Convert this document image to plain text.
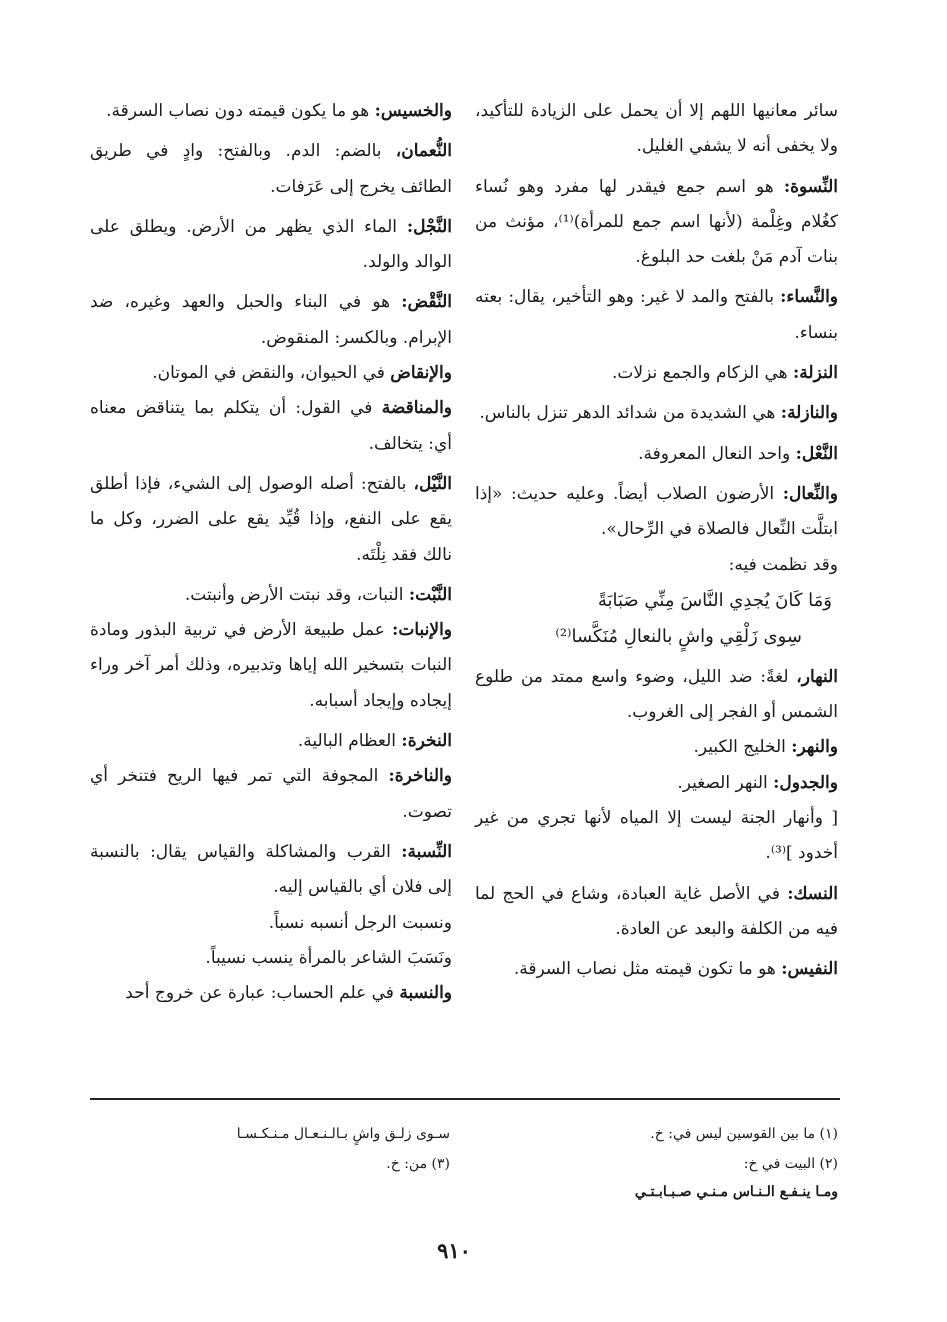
سائر معانيها اللهم إلا أن يحمل على الزيادة للتأكيد، ولا يخفى أنه لا يشفي الغليل.

النِّسوة: هو اسم جمع فيقدر لها مفرد وهو نُساء كغُلام وغِلْمة (لأنها اسم جمع للمرأة)⁽¹⁾، مؤنث من بنات آدم مَنْ بلغت حد البلوغ.

والنَّساء: بالفتح والمد لا غير: وهو التأخير، يقال: بعته بنساء.

النزلة: هي الزكام والجمع نزلات.

والنازلة: هي الشديدة من شدائد الدهر تنزل بالناس.

النَّعْل: واحد النعال المعروفة.

والنِّعال: الأرضون الصلاب أيضاً. وعليه حديث: «إذا ابتلَّت النِّعال فالصلاة في الرِّحال».
وقد نظمت فيه:
وَمَا كَانَ يُجدِي النَّاسَ مِنِّي صَبَابَةً
سِوى زَلْقِي واشٍ بالنعالِ مُنَكَّسا⁽²⁾

النهار، لغةً: ضد الليل، وضوء واسع ممتد من طلوع الشمس أو الفجر إلى الغروب.
والنهر: الخليج الكبير.
والجدول: النهر الصغير.
[ وأنهار الجنة ليست إلا المياه لأنها تجري من غير أخدود ]⁽³⁾.

النسك: في الأصل غاية العبادة، وشاع في الحج لما فيه من الكلفة والبعد عن العادة.

النفيس: هو ما تكون قيمته مثل نصاب السرقة.

والخسيس: هو ما يكون قيمته دون نصاب السرقة.

النُّعمان، بالضم: الدم. وبالفتح: وادٍ في طريق الطائف يخرج إلى عَرَفات.

النَّجْل: الماء الذي يظهر من الأرض. ويطلق على الوالد والولد.

النَّقْض: هو في البناء والحبل والعهد وغيره، ضد الإبرام. وبالكسر: المنقوض.
والإنقاض في الحيوان، والنقض في الموتان.
والمناقضة في القول: أن يتكلم بما يتناقض معناه أي: يتخالف.

النَّيْل، بالفتح: أصله الوصول إلى الشيء، فإذا أطلق يقع على النفع، وإذا قُيِّد يقع على الضرر، وكل ما نالك فقد نِلْتَه.

النَّبْت: النبات، وقد نبتت الأرض وأنبتت.
والإنبات: عمل طبيعة الأرض في تربية البذور ومادة النبات بتسخير الله إياها وتدبيره، وذلك أمر آخر وراء إيجاده وإيجاد أسبابه.

النخرة: العظام البالية.
والناخرة: المجوفة التي تمر فيها الريح فتنخر أي تصوت.

النِّسبة: القرب والمشاكلة والقياس يقال: بالنسبة إلى فلان أي بالقياس إليه.
ونسبت الرجل أنسبه نسباً.
ونَسَبَ الشاعر بالمرأة ينسب نسيباً.
والنسبة في علم الحساب: عبارة عن خروج أحد

(١) ما بين القوسين ليس في: خ.
(٢) البيت في خ:
ومـا ينـفـع الـنـاس مـنـي صـبـابـتـي
سـوى زلـق واشٍ بـالـنـعـال مـنـكـسـا
(٣) من: خ.
٩١٠
